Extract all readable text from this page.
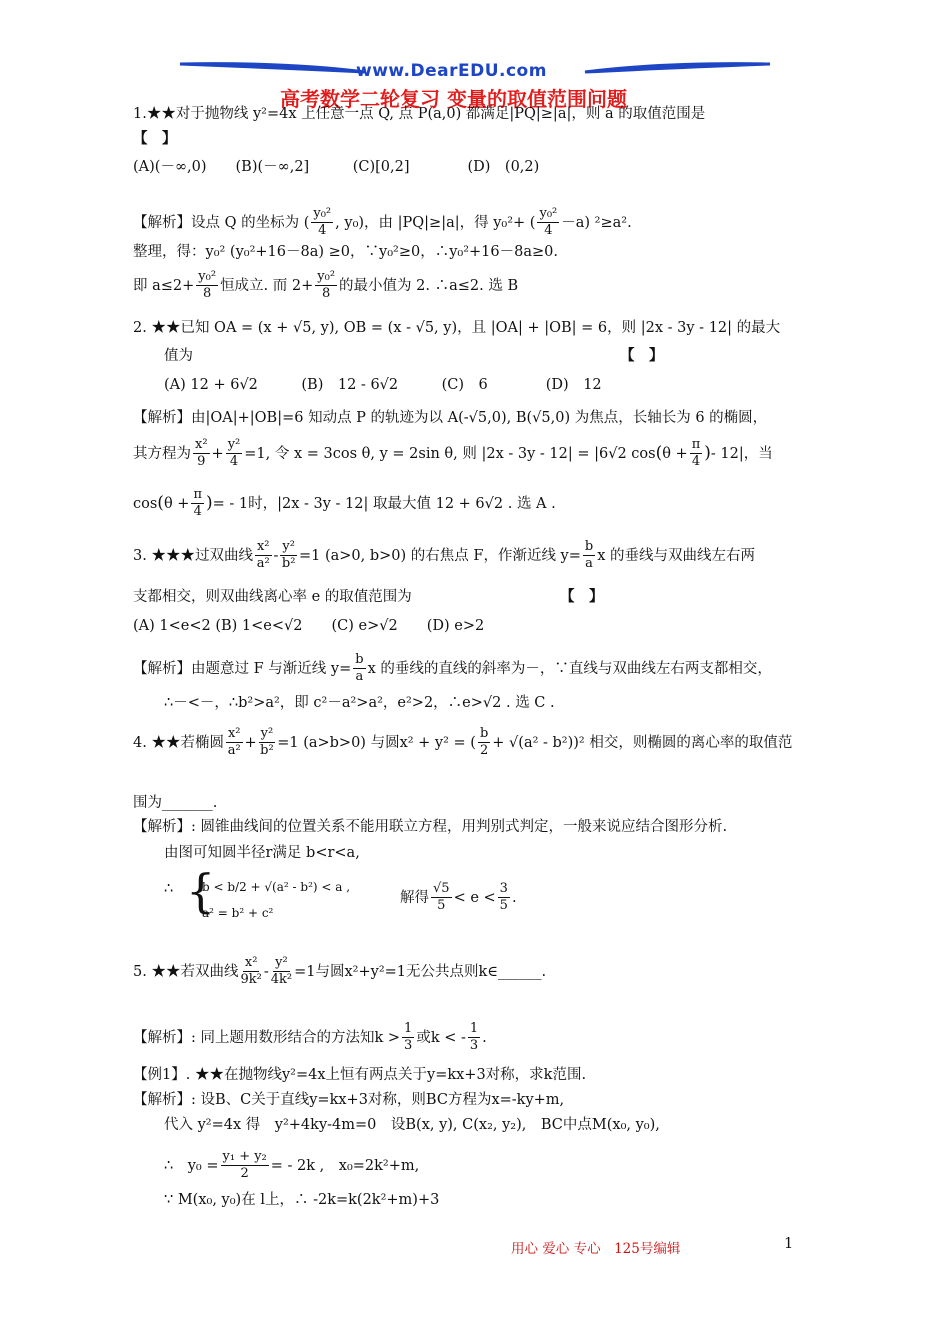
www.DearEDU.com
高考数学二轮复习 变量的取值范围问题
1.★★对于抛物线 y²=4x 上任意一点 Q, 点 P(a,0) 都满足|PQ|≥|a|，则 a 的取值范围是
【　】
(A)(－∞,0)　　(B)(－∞,2]　　　(C)[0,2]　　　　(D)　(0,2)
【解析】设点 Q 的坐标为 ( $\frac{\text{y₀²}}{4}$ , y₀)，由 |PQ|≥|a|，得 y₀²+ ( $\frac{\text{y₀²}}{4} -a$) ²≥a².
整理，得：y₀² (y₀²+16－8a) ≥0，∵y₀²≥0，∴y₀²+16－8a≥0.
即 $a\le 2+ \frac{\text{y₀²}}{8}$ 恒成立. 而 $2+ \frac{\text{y₀²}}{8}$ 的最小值为 2. ∴a≤2. 选 B
2. ★★已知 OA = (x + √5, y), OB = (x - √5, y)，且 |OA| + |OB| = 6，则 |2x - 3y - 12| 的最大
值为	【　】
(A) 12 + 6√2　　　(B)　12 - 6√2　　　(C)　6　　　　(D)　12
【解析】由|OA|+|OB|=6 知动点 P 的轨迹为以 A(-√5,0), B(√5,0) 为焦点，长轴长为 6 的椭圆，
其方程为 $\frac{\text{x²}}{9} + \frac{\text{y²}}{4} =1$, 令 x = 3cos θ, y = 2sin θ, 则 |2x - 3y - 12| = |6√2 $\cos(\theta + \frac{\pi}{4}$ )- 12|，当
$\cos(\theta + \frac{\pi}{4}$ )= - 1时，|2x - 3y - 12| 取最大值 12 + 6√2 . 选 A .
3. ★★★过双曲线 $\frac{\text{x²}}{\text{a²}} - \frac{\text{y²}}{\text{b²}} =1$ (a>0, b>0) 的右焦点 F，作渐近线 $y= \frac{b}{a}$ x 的垂线与双曲线左右两
支都相交，则双曲线离心率 e 的取值范围为	【　】
(A) 1<e<2 (B) 1<e<√2　　(C) e>√2　　(D) e>2
【解析】由题意过 F 与渐近线 $y= \frac{b}{a}$ x 的垂线的直线的斜率为－，∵直线与双曲线左右两支都相交，
∴－<－，∴b²>a²，即 c²－a²>a²，e²>2，∴e>√2 . 选 C .
4. ★★若椭圆 $\frac{\text{x²}}{\text{a²}} + \frac{\text{y²}}{\text{b²}} =1$ (a>b>0) 与圆x² + y² = ( $\frac{b}{2} + √(a^2 - b^2))^2$ 相交，则椭圆的离心率的取值范
围为_______.
【解析】: 圆锥曲线间的位置关系不能用联立方程，用判别式判定，一般来说应结合图形分析.
由图可知圆半径r满足 b<r<a,
∴ {
b < b/2 + √(a² - b²) < a ,
a² = b² + c²
解得 $\frac{√5}{5} < e < \frac{3}{5}$ .
5. ★★若双曲线 $\frac{\text{x²}}{\text{9k²}} - \frac{\text{y²}}{\text{4k²}} =1$与圆x²+y²=1无公共点则k∈______.
【解析】: 同上题用数形结合的方法知$k > \frac{1}{3}$ 或k < - $\frac{1}{3}$ .
【例1】. ★★在抛物线y²=4x上恒有两点关于y=kx+3对称，求k范围.
【解析】: 设B、C关于直线y=kx+3对称，则BC方程为x=-ky+m,
代入 y²=4x 得　y²+4ky-4m=0　设B(x, y), C(x₂, y₂),　BC中点M(x₀, y₀),
∴　$y_0 = \frac{\text{y₁ + y₂}}{2}$ = - 2k ,　x₀=2k²+m,
∵ M(x₀, y₀)在 l上，∴ -2k=k(2k²+m)+3
用心 爱心 专心　125号编辑	1
